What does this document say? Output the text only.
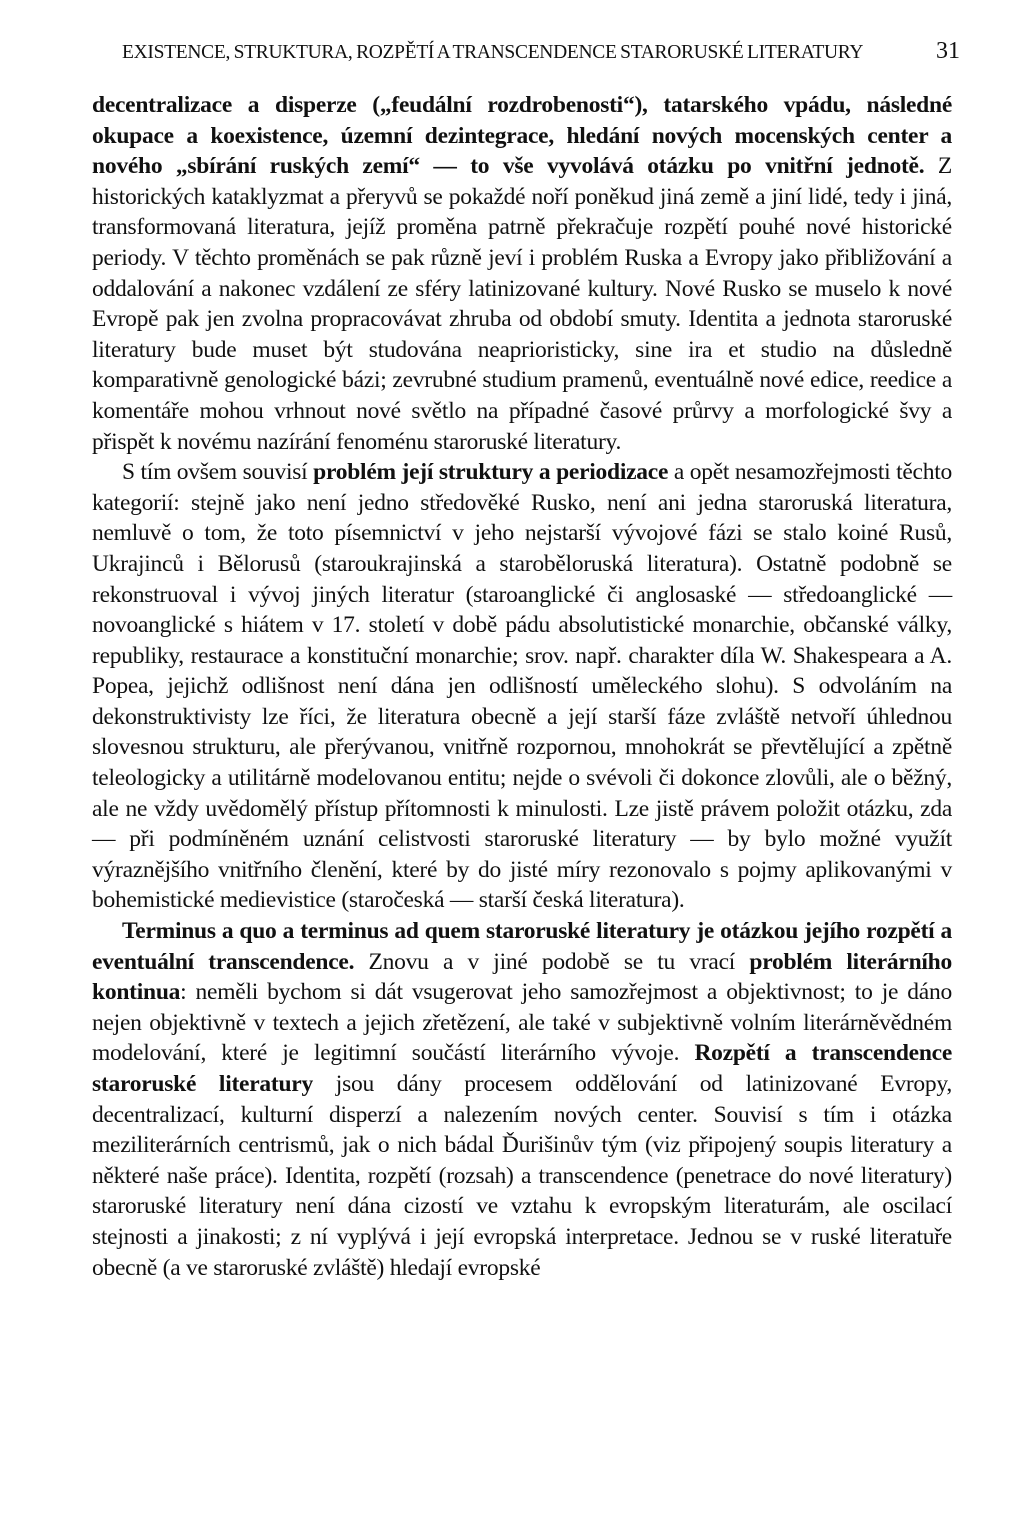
EXISTENCE, STRUKTURA, ROZPĚTÍ A TRANSCENDENCE STARORUSKÉ LITERATURY	31

decentralizace a disperze („feudální rozdrobenosti“), tatarského vpádu, následné okupace a koexistence, územní dezintegrace, hledání nových mocenských center a nového „sbírání ruských zemí“ — to vše vyvolává otázku po vnitřní jednotě. Z historických kataklyzmat a přeryvů se pokaždé noří poněkud jiná země a jiní lidé, tedy i jiná, transformovaná literatura, jejíž proměna patrně překračuje rozpětí pouhé nové historické periody. V těchto proměnách se pak různě jeví i problém Ruska a Evropy jako přibližování a oddalování a nakonec vzdálení ze sféry latinizované kultury. Nové Rusko se muselo k nové Evropě pak jen zvolna propracovávat zhruba od období smuty. Identita a jednota staroruské literatury bude muset být studována neaprioristicky, sine ira et studio na důsledně komparativně genologické bázi; zevrubné studium pramenů, eventuálně nové edice, reedice a komentáře mohou vrhnout nové světlo na případné časové průrvy a morfologické švy a přispět k novému nazírání fenoménu staroruské literatury.

S tím ovšem souvisí problém její struktury a periodizace a opět nesamozřejmosti těchto kategorií: stejně jako není jedno středověké Rusko, není ani jedna staroruská literatura, nemluvě o tom, že toto písemnictví v jeho nejstarší vývojové fázi se stalo koiné Rusů, Ukrajinců i Bělorusů (staroukrajinská a staroběloruská literatura). Ostatně podobně se rekonstruoval i vývoj jiných literatur (staroanglické či anglosaské — středoanglické — novoanglické s hiátem v 17. století v době pádu absolutistické monarchie, občanské války, republiky, restaurace a konstituční monarchie; srov. např. charakter díla W. Shakespeara a A. Popea, jejichž odlišnost není dána jen odlišností uměleckého slohu). S odvoláním na dekonstruktivisty lze říci, že literatura obecně a její starší fáze zvláště netvoří úhlednou slovesnou strukturu, ale přerývanou, vnitřně rozpornou, mnohokrát se převtělující a zpětně teleologicky a utilitárně modelovanou entitu; nejde o svévoli či dokonce zlovůli, ale o běžný, ale ne vždy uvědomělý přístup přítomnosti k minulosti. Lze jistě právem položit otázku, zda — při podmíněném uznání celistvosti staroruské literatury — by bylo možné využít výraznějšího vnitřního členění, které by do jisté míry rezonovalo s pojmy aplikovanými v bohemistické medievistice (staročeská — starší česká literatura).

Terminus a quo a terminus ad quem staroruské literatury je otázkou jejího rozpětí a eventuální transcendence. Znovu a v jiné podobě se tu vrací problém literárního kontinua: neměli bychom si dát vsugerovat jeho samozřejmost a objektivnost; to je dáno nejen objektivně v textech a jejich zřetězení, ale také v subjektivně volním literárněvědném modelování, které je legitimní součástí literárního vývoje. Rozpětí a transcendence staroruské literatury jsou dány procesem oddělování od latinizované Evropy, decentralizací, kulturní disperzí a nalezením nových center. Souvisí s tím i otázka meziliterárních centrismů, jak o nich bádal Ďurišinův tým (viz připojený soupis literatury a některé naše práce). Identita, rozpětí (rozsah) a transcendence (penetrace do nové literatury) staroruské literatury není dána cizostí ve vztahu k evropským literaturám, ale oscilací stejnosti a jinakosti; z ní vyplývá i její evropská interpretace. Jednou se v ruské literatuře obecně (a ve staroruské zvláště) hledají evropské
